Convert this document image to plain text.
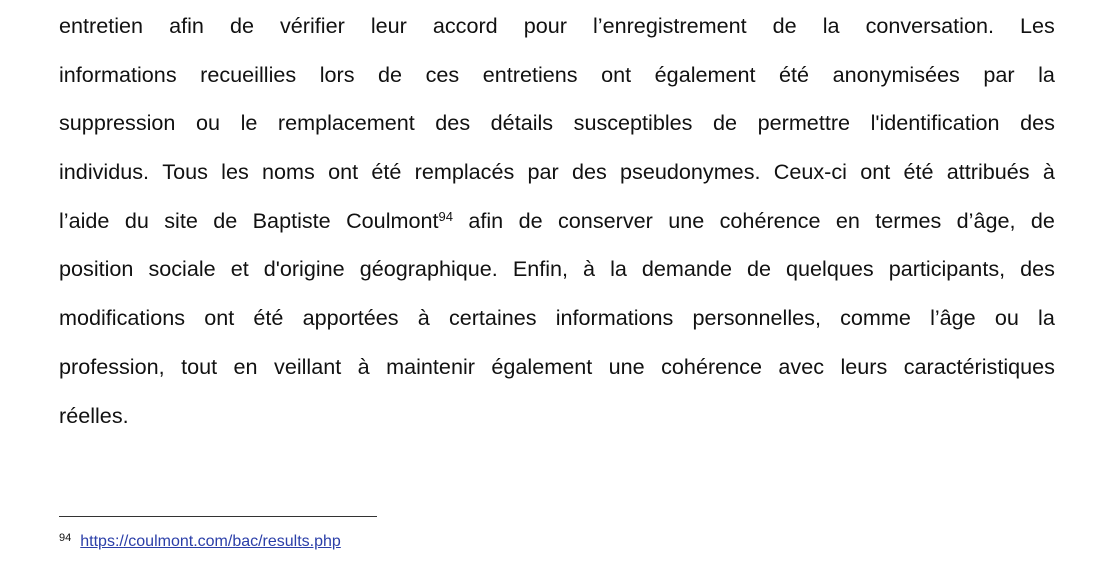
entretien afin de vérifier leur accord pour l’enregistrement de la conversation. Les
informations recueillies lors de ces entretiens ont également été anonymisées par la
suppression ou le remplacement des détails susceptibles de permettre l'identification des
individus. Tous les noms ont été remplacés par des pseudonymes. Ceux-ci ont été attribués à
l’aide du site de Baptiste Coulmont$^{94}$ afin de conserver une cohérence en termes d’âge, de
position sociale et d'origine géographique. Enfin, à la demande de quelques participants, des
modifications ont été apportées à certaines informations personnelles, comme l’âge ou la
profession, tout en veillant à maintenir également une cohérence avec leurs caractéristiques
réelles.
$^{94}$ https://coulmont.com/bac/results.php
